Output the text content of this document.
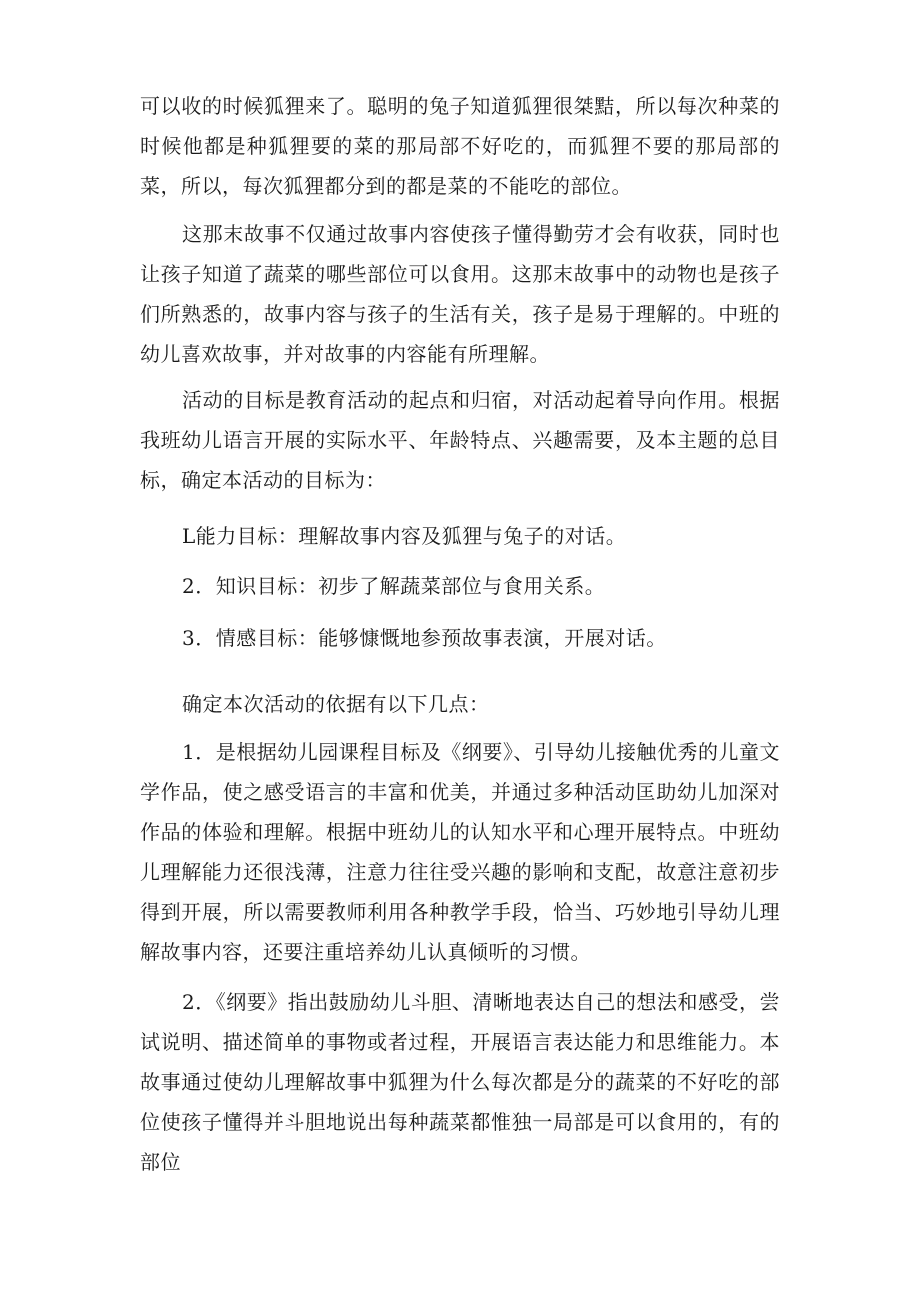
可以收的时候狐狸来了。聪明的兔子知道狐狸很桀黠，所以每次种菜的时候他都是种狐狸要的菜的那局部不好吃的，而狐狸不要的那局部的菜，所以，每次狐狸都分到的都是菜的不能吃的部位。

这那末故事不仅通过故事内容使孩子懂得勤劳才会有收获，同时也让孩子知道了蔬菜的哪些部位可以食用。这那末故事中的动物也是孩子们所熟悉的，故事内容与孩子的生活有关，孩子是易于理解的。中班的幼儿喜欢故事，并对故事的内容能有所理解。

活动的目标是教育活动的起点和归宿，对活动起着导向作用。根据我班幼儿语言开展的实际水平、年龄特点、兴趣需要，及本主题的总目标，确定本活动的目标为：

L能力目标：理解故事内容及狐狸与兔子的对话。

2．知识目标：初步了解蔬菜部位与食用关系。

3．情感目标：能够慷慨地参预故事表演，开展对话。

确定本次活动的依据有以下几点：

1．是根据幼儿园课程目标及《纲要》、引导幼儿接触优秀的儿童文学作品，使之感受语言的丰富和优美，并通过多种活动匡助幼儿加深对作品的体验和理解。根据中班幼儿的认知水平和心理开展特点。中班幼儿理解能力还很浅薄，注意力往往受兴趣的影响和支配，故意注意初步得到开展，所以需要教师利用各种教学手段，恰当、巧妙地引导幼儿理解故事内容，还要注重培养幼儿认真倾听的习惯。

2．《纲要》指出鼓励幼儿斗胆、清晰地表达自己的想法和感受，尝试说明、描述简单的事物或者过程，开展语言表达能力和思维能力。本故事通过使幼儿理解故事中狐狸为什么每次都是分的蔬菜的不好吃的部位使孩子懂得并斗胆地说出每种蔬菜都惟独一局部是可以食用的，有的部位
